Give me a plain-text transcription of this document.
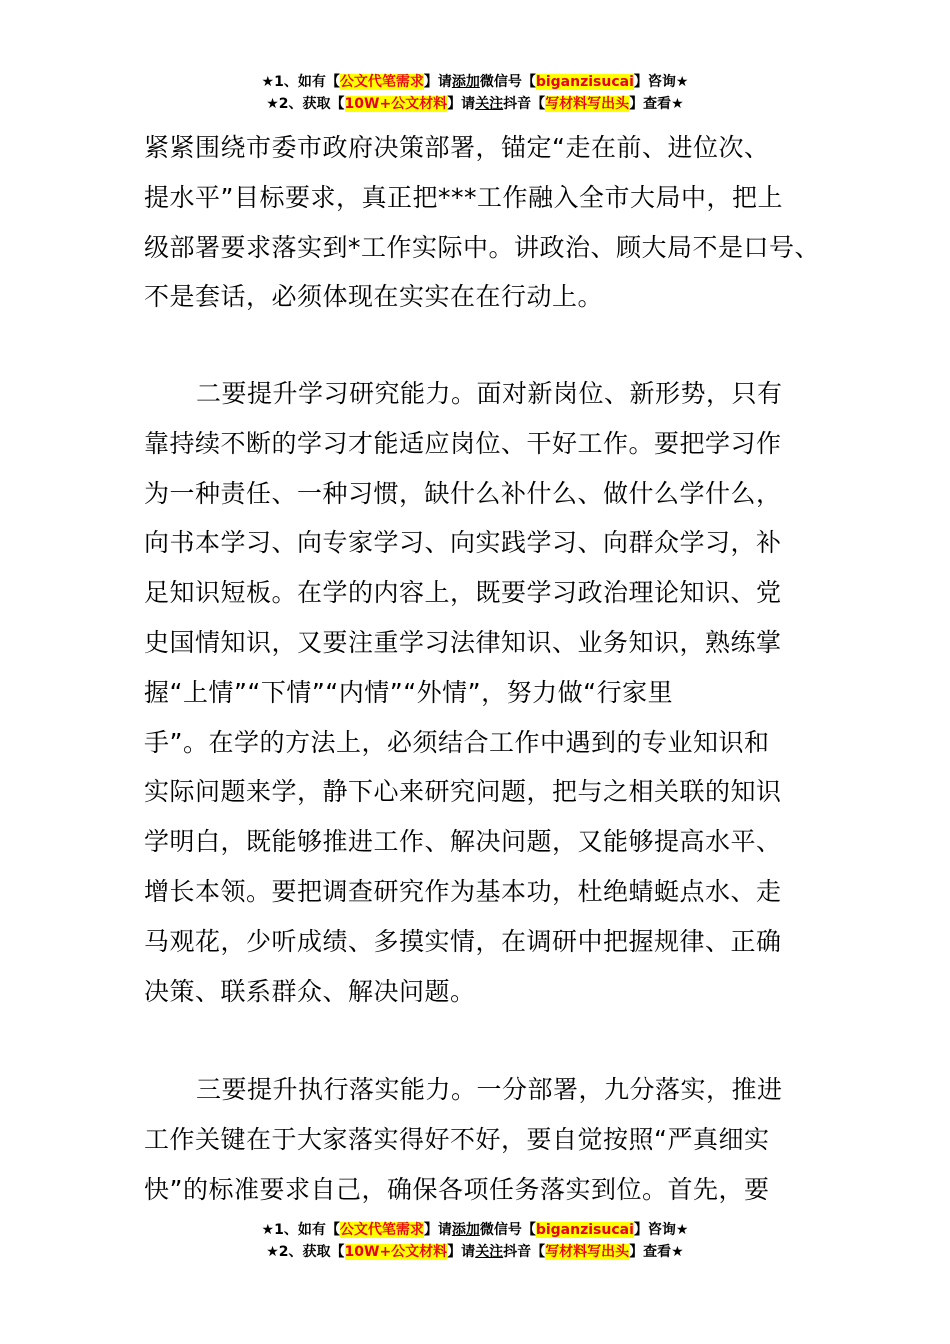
★1、如有【公文代笔需求】请添加微信号【biganzisucai】咨询★
★2、获取【10W+公文材料】请关注抖音【写材料写出头】查看★

紧紧围绕市委市政府决策部署，锚定“走在前、进位次、
提水平”目标要求，真正把***工作融入全市大局中，把上
级部署要求落实到*工作实际中。讲政治、顾大局不是口号、
不是套话，必须体现在实实在在行动上。

二要提升学习研究能力。面对新岗位、新形势，只有
靠持续不断的学习才能适应岗位、干好工作。要把学习作
为一种责任、一种习惯，缺什么补什么、做什么学什么，
向书本学习、向专家学习、向实践学习、向群众学习，补
足知识短板。在学的内容上，既要学习政治理论知识、党
史国情知识，又要注重学习法律知识、业务知识，熟练掌
握“上情”“下情”“内情”“外情”，努力做“行家里
手”。在学的方法上，必须结合工作中遇到的专业知识和
实际问题来学，静下心来研究问题，把与之相关联的知识
学明白，既能够推进工作、解决问题，又能够提高水平、
增长本领。要把调查研究作为基本功，杜绝蜻蜓点水、走
马观花，少听成绩、多摸实情，在调研中把握规律、正确
决策、联系群众、解决问题。

三要提升执行落实能力。一分部署，九分落实，推进
工作关键在于大家落实得好不好，要自觉按照“严真细实
快”的标准要求自己，确保各项任务落实到位。首先，要

★1、如有【公文代笔需求】请添加微信号【biganzisucai】咨询★
★2、获取【10W+公文材料】请关注抖音【写材料写出头】查看★
